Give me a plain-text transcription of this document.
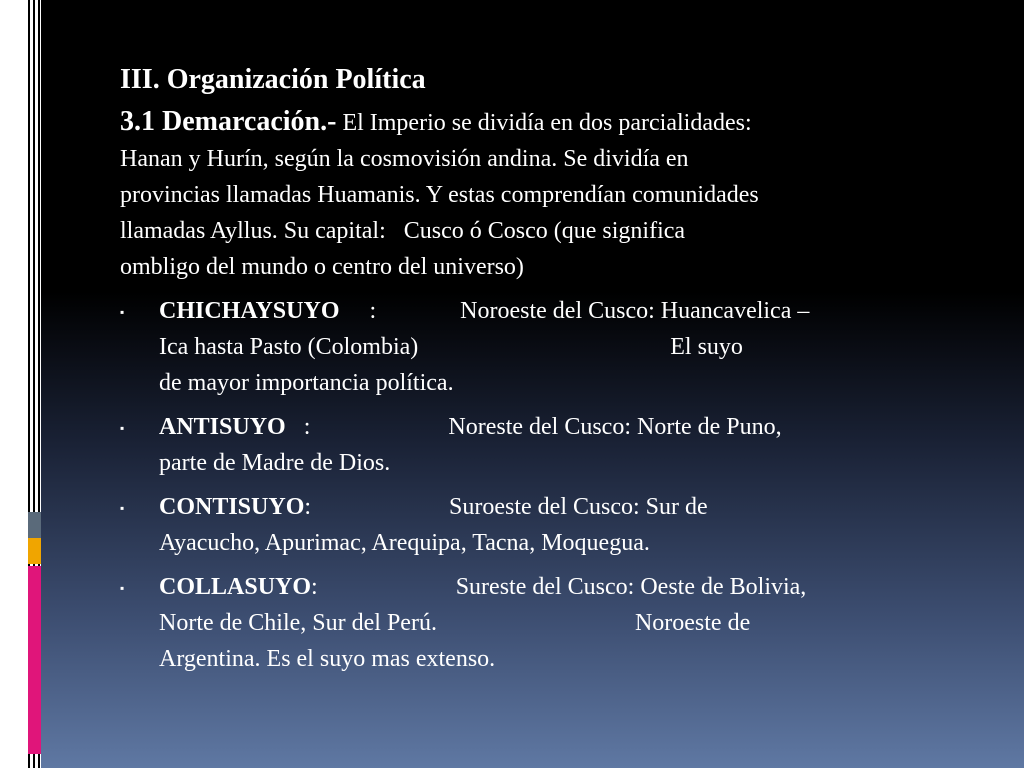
III. Organización Política
3.1 Demarcación.- El Imperio se dividía en dos parcialidades:
Hanan y Hurín, según la cosmovisión andina. Se dividía en
provincias llamadas Huamanis. Y estas comprendían comunidades
llamadas Ayllus. Su capital:   Cusco ó Cosco (que significa
ombligo del mundo o centro del universo)
▪ CHICHAYSUYO     :              Noroeste del Cusco: Huancavelica –
Ica hasta Pasto (Colombia)                                          El suyo
de mayor importancia política.
▪ ANTISUYO   :                       Noreste del Cusco: Norte de Puno,
parte de Madre de Dios.
▪ CONTISUYO:                       Suroeste del Cusco: Sur de
Ayacucho, Apurimac, Arequipa, Tacna, Moquegua.
▪ COLLASUYO:                       Sureste del Cusco: Oeste de Bolivia,
Norte de Chile, Sur del Perú.                                 Noroeste de
Argentina. Es el suyo mas extenso.
